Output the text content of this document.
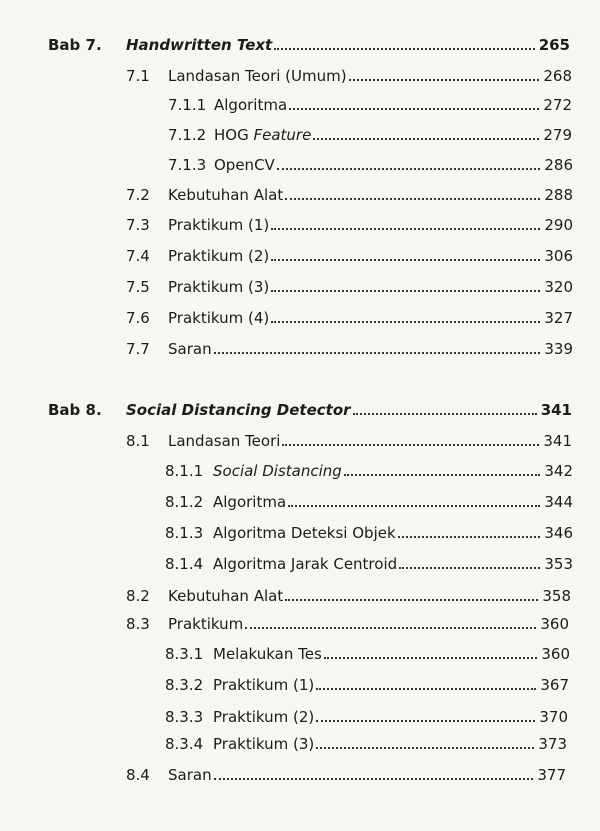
Bab 7. Handwritten Text	265
7.1	Landasan Teori (Umum)	268
7.1.1 Algoritma	272
7.1.2 HOG Feature	279
7.1.3 OpenCV	286
7.2	Kebutuhan Alat	288
7.3	Praktikum (1)	290
7.4	Praktikum (2)	306
7.5	Praktikum (3)	320
7.6	Praktikum (4)	327
7.7	Saran	339
Bab 8. Social Distancing Detector	341
8.1	Landasan Teori	341
8.1.1 Social Distancing	342
8.1.2 Algoritma	344
8.1.3 Algoritma Deteksi Objek	346
8.1.4 Algoritma Jarak Centroid	353
8.2	Kebutuhan Alat	358
8.3	Praktikum	360
8.3.1 Melakukan Tes	360
8.3.2 Praktikum (1)	367
8.3.3 Praktikum (2)	370
8.3.4 Praktikum (3)	373
8.4	Saran	377
